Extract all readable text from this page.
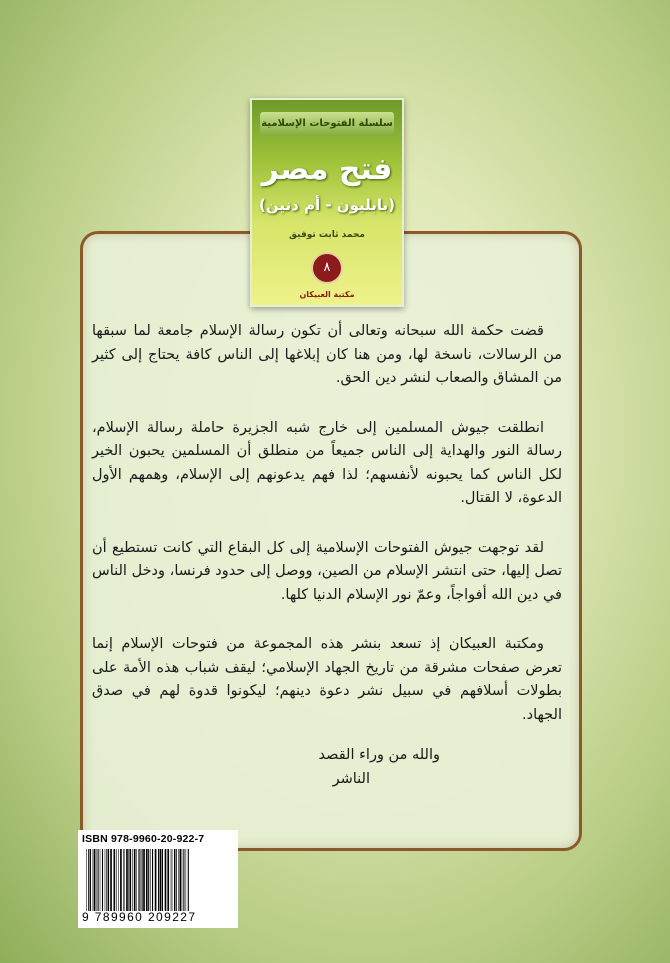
سلسلة الفتوحات الإسلامية
فتح مصر
(بابليون - أم دنين)
محمد ثابت توفيق
٨
مكتبة العبيكان

قضت حكمة الله سبحانه وتعالى أن تكون رسالة الإسلام جامعة لما سبقها من الرسالات، ناسخة لها، ومن هنا كان إبلاغها إلى الناس كافة يحتاج إلى كثير من المشاق والصعاب لنشر دين الحق.

انطلقت جيوش المسلمين إلى خارج شبه الجزيرة حاملة رسالة الإسلام، رسالة النور والهداية إلى الناس جميعاً من منطلق أن المسلمين يحبون الخير لكل الناس كما يحبونه لأنفسهم؛ لذا فهم يدعونهم إلى الإسلام، وهمهم الأول الدعوة، لا القتال.

لقد توجهت جيوش الفتوحات الإسلامية إلى كل البقاع التي كانت تستطيع أن تصل إليها، حتى انتشر الإسلام من الصين، ووصل إلى حدود فرنسا، ودخل الناس في دين الله أفواجاً، وعمّ نور الإسلام الدنيا كلها.

ومكتبة العبيكان إذ تسعد بنشر هذه المجموعة من فتوحات الإسلام إنما تعرض صفحات مشرقة من تاريخ الجهاد الإسلامي؛ ليقف شباب هذه الأمة على بطولات أسلافهم في سبيل نشر دعوة دينهم؛ ليكونوا قدوة لهم في صدق الجهاد.

والله من وراء القصد
الناشر
ISBN 978-9960-20-922-7
9 789960 209227
